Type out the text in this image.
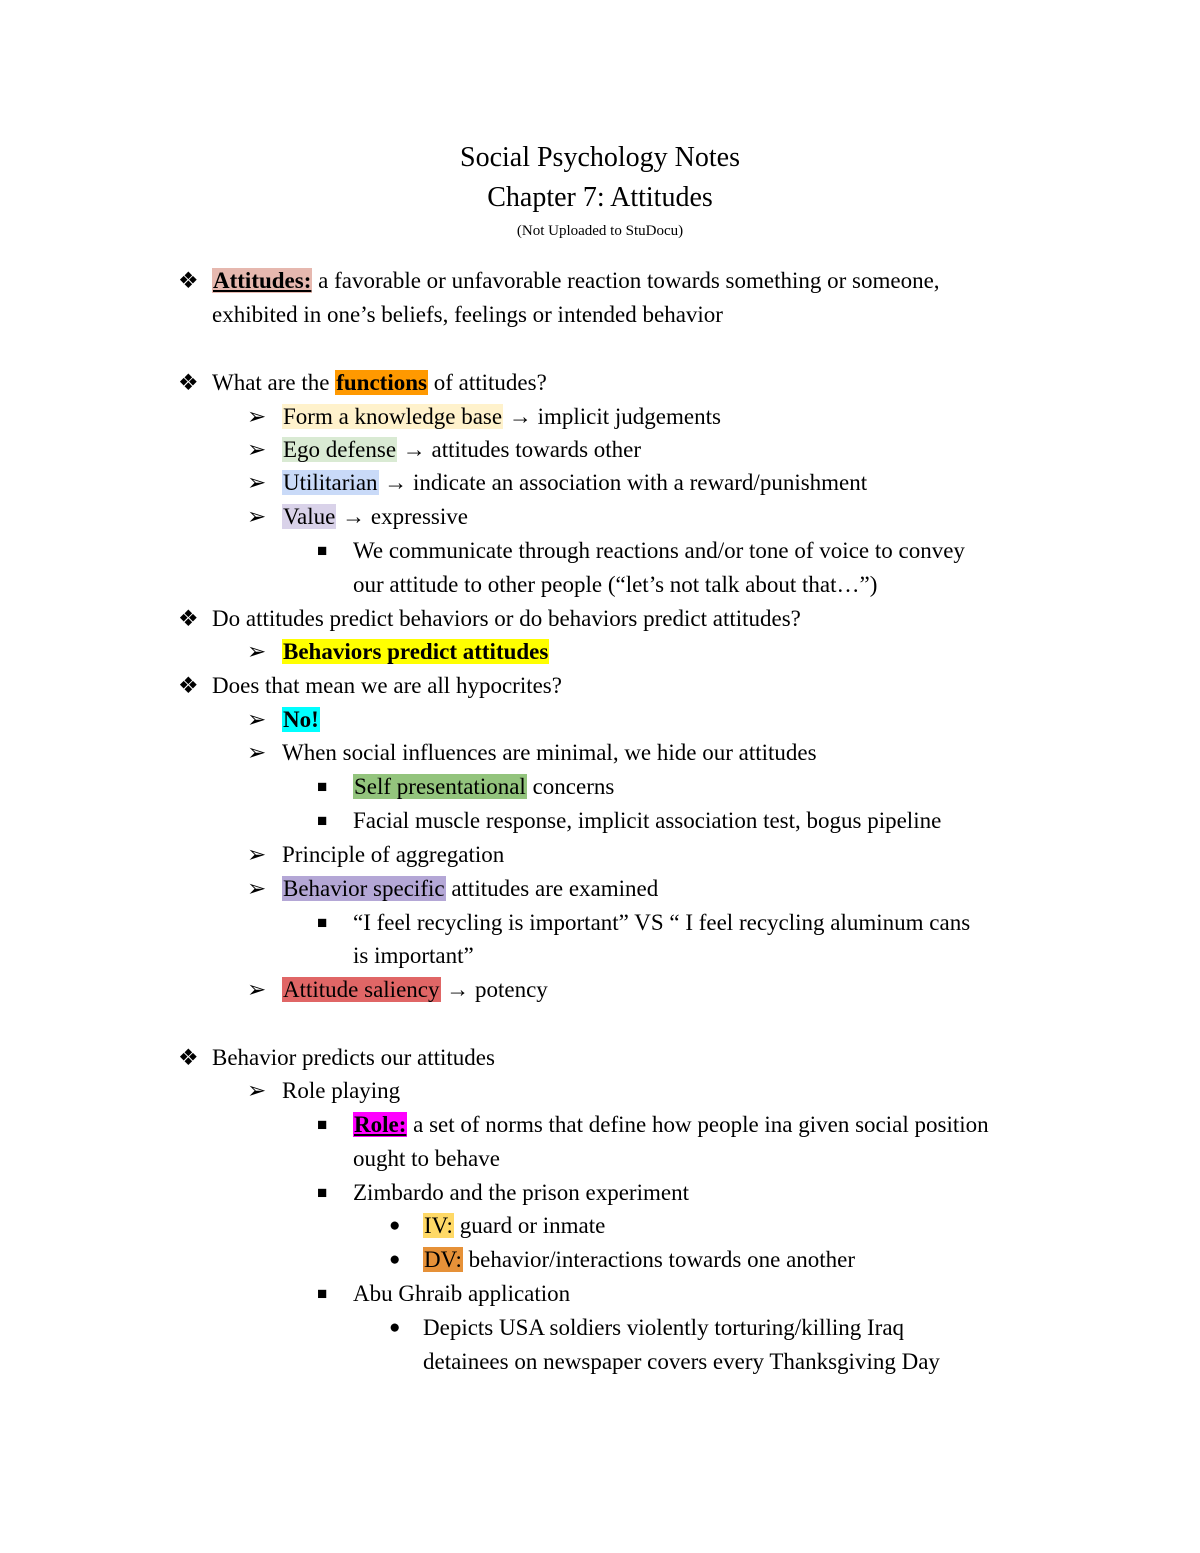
Social Psychology Notes
Chapter 7: Attitudes
(Not Uploaded to StuDocu)
❖ Attitudes: a favorable or unfavorable reaction towards something or someone,
exhibited in one’s beliefs, feelings or intended behavior
❖ What are the functions of attitudes?
➢ Form a knowledge base → implicit judgements
➢ Ego defense → attitudes towards other
➢ Utilitarian → indicate an association with a reward/punishment
➢ Value → expressive
■ We communicate through reactions and/or tone of voice to convey
our attitude to other people (“let’s not talk about that…”)
❖ Do attitudes predict behaviors or do behaviors predict attitudes?
➢ Behaviors predict attitudes
❖ Does that mean we are all hypocrites?
➢ No!
➢ When social influences are minimal, we hide our attitudes
■ Self presentational concerns
■ Facial muscle response, implicit association test, bogus pipeline
➢ Principle of aggregation
➢ Behavior specific attitudes are examined
■ “I feel recycling is important” VS “ I feel recycling aluminum cans
is important”
➢ Attitude saliency → potency
❖ Behavior predicts our attitudes
➢ Role playing
■ Role: a set of norms that define how people ina given social position
ought to behave
■ Zimbardo and the prison experiment
● IV: guard or inmate
● DV: behavior/interactions towards one another
■ Abu Ghraib application
● Depicts USA soldiers violently torturing/killing Iraq
detainees on newspaper covers every Thanksgiving Day
